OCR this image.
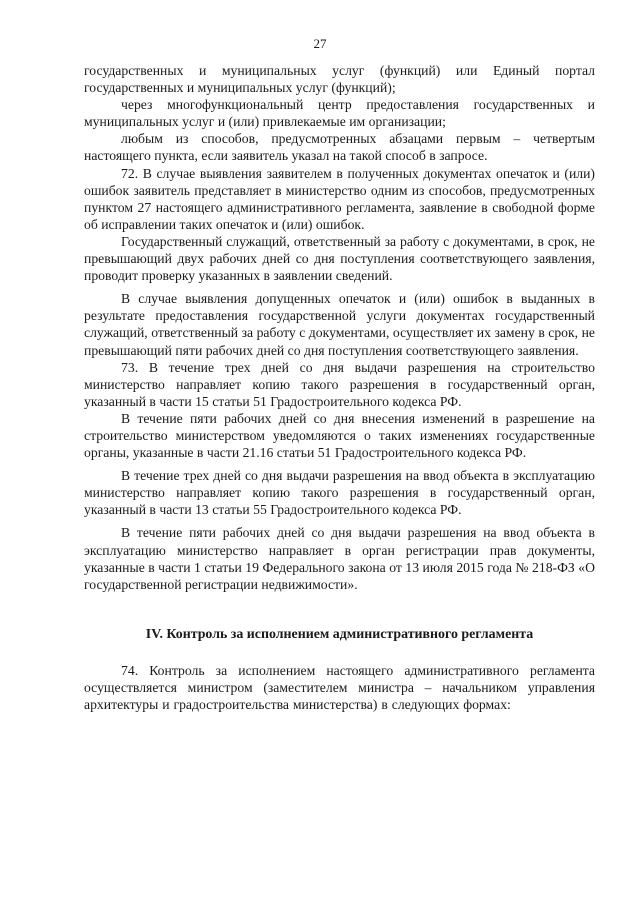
27

государственных и муниципальных услуг (функций) или Единый портал государственных и муниципальных услуг (функций);

через многофункциональный центр предоставления государственных и муниципальных услуг и (или) привлекаемые им организации;

любым из способов, предусмотренных абзацами первым – четвертым настоящего пункта, если заявитель указал на такой способ в запросе.

72. В случае выявления заявителем в полученных документах опечаток и (или) ошибок заявитель представляет в министерство одним из способов, предусмотренных пунктом 27 настоящего административного регламента, заявление в свободной форме об исправлении таких опечаток и (или) ошибок.

Государственный служащий, ответственный за работу с документами, в срок, не превышающий двух рабочих дней со дня поступления соответствующего заявления, проводит проверку указанных в заявлении сведений.

В случае выявления допущенных опечаток и (или) ошибок в выданных в результате предоставления государственной услуги документах государственный служащий, ответственный за работу с документами, осуществляет их замену в срок, не превышающий пяти рабочих дней со дня поступления соответствующего заявления.

73. В течение трех дней со дня выдачи разрешения на строительство министерство направляет копию такого разрешения в государственный орган, указанный в части 15 статьи 51 Градостроительного кодекса РФ.

В течение пяти рабочих дней со дня внесения изменений в разрешение на строительство министерством уведомляются о таких изменениях государственные органы, указанные в части 21.16 статьи 51 Градостроительного кодекса РФ.

В течение трех дней со дня выдачи разрешения на ввод объекта в эксплуатацию министерство направляет копию такого разрешения в государственный орган, указанный в части 13 статьи 55 Градостроительного кодекса РФ.

В течение пяти рабочих дней со дня выдачи разрешения на ввод объекта в эксплуатацию министерство направляет в орган регистрации прав документы, указанные в части 1 статьи 19 Федерального закона от 13 июля 2015 года № 218-ФЗ «О государственной регистрации недвижимости».

IV. Контроль за исполнением административного регламента

74. Контроль за исполнением настоящего административного регламента осуществляется министром (заместителем министра – начальником управления архитектуры и градостроительства министерства) в следующих формах:
